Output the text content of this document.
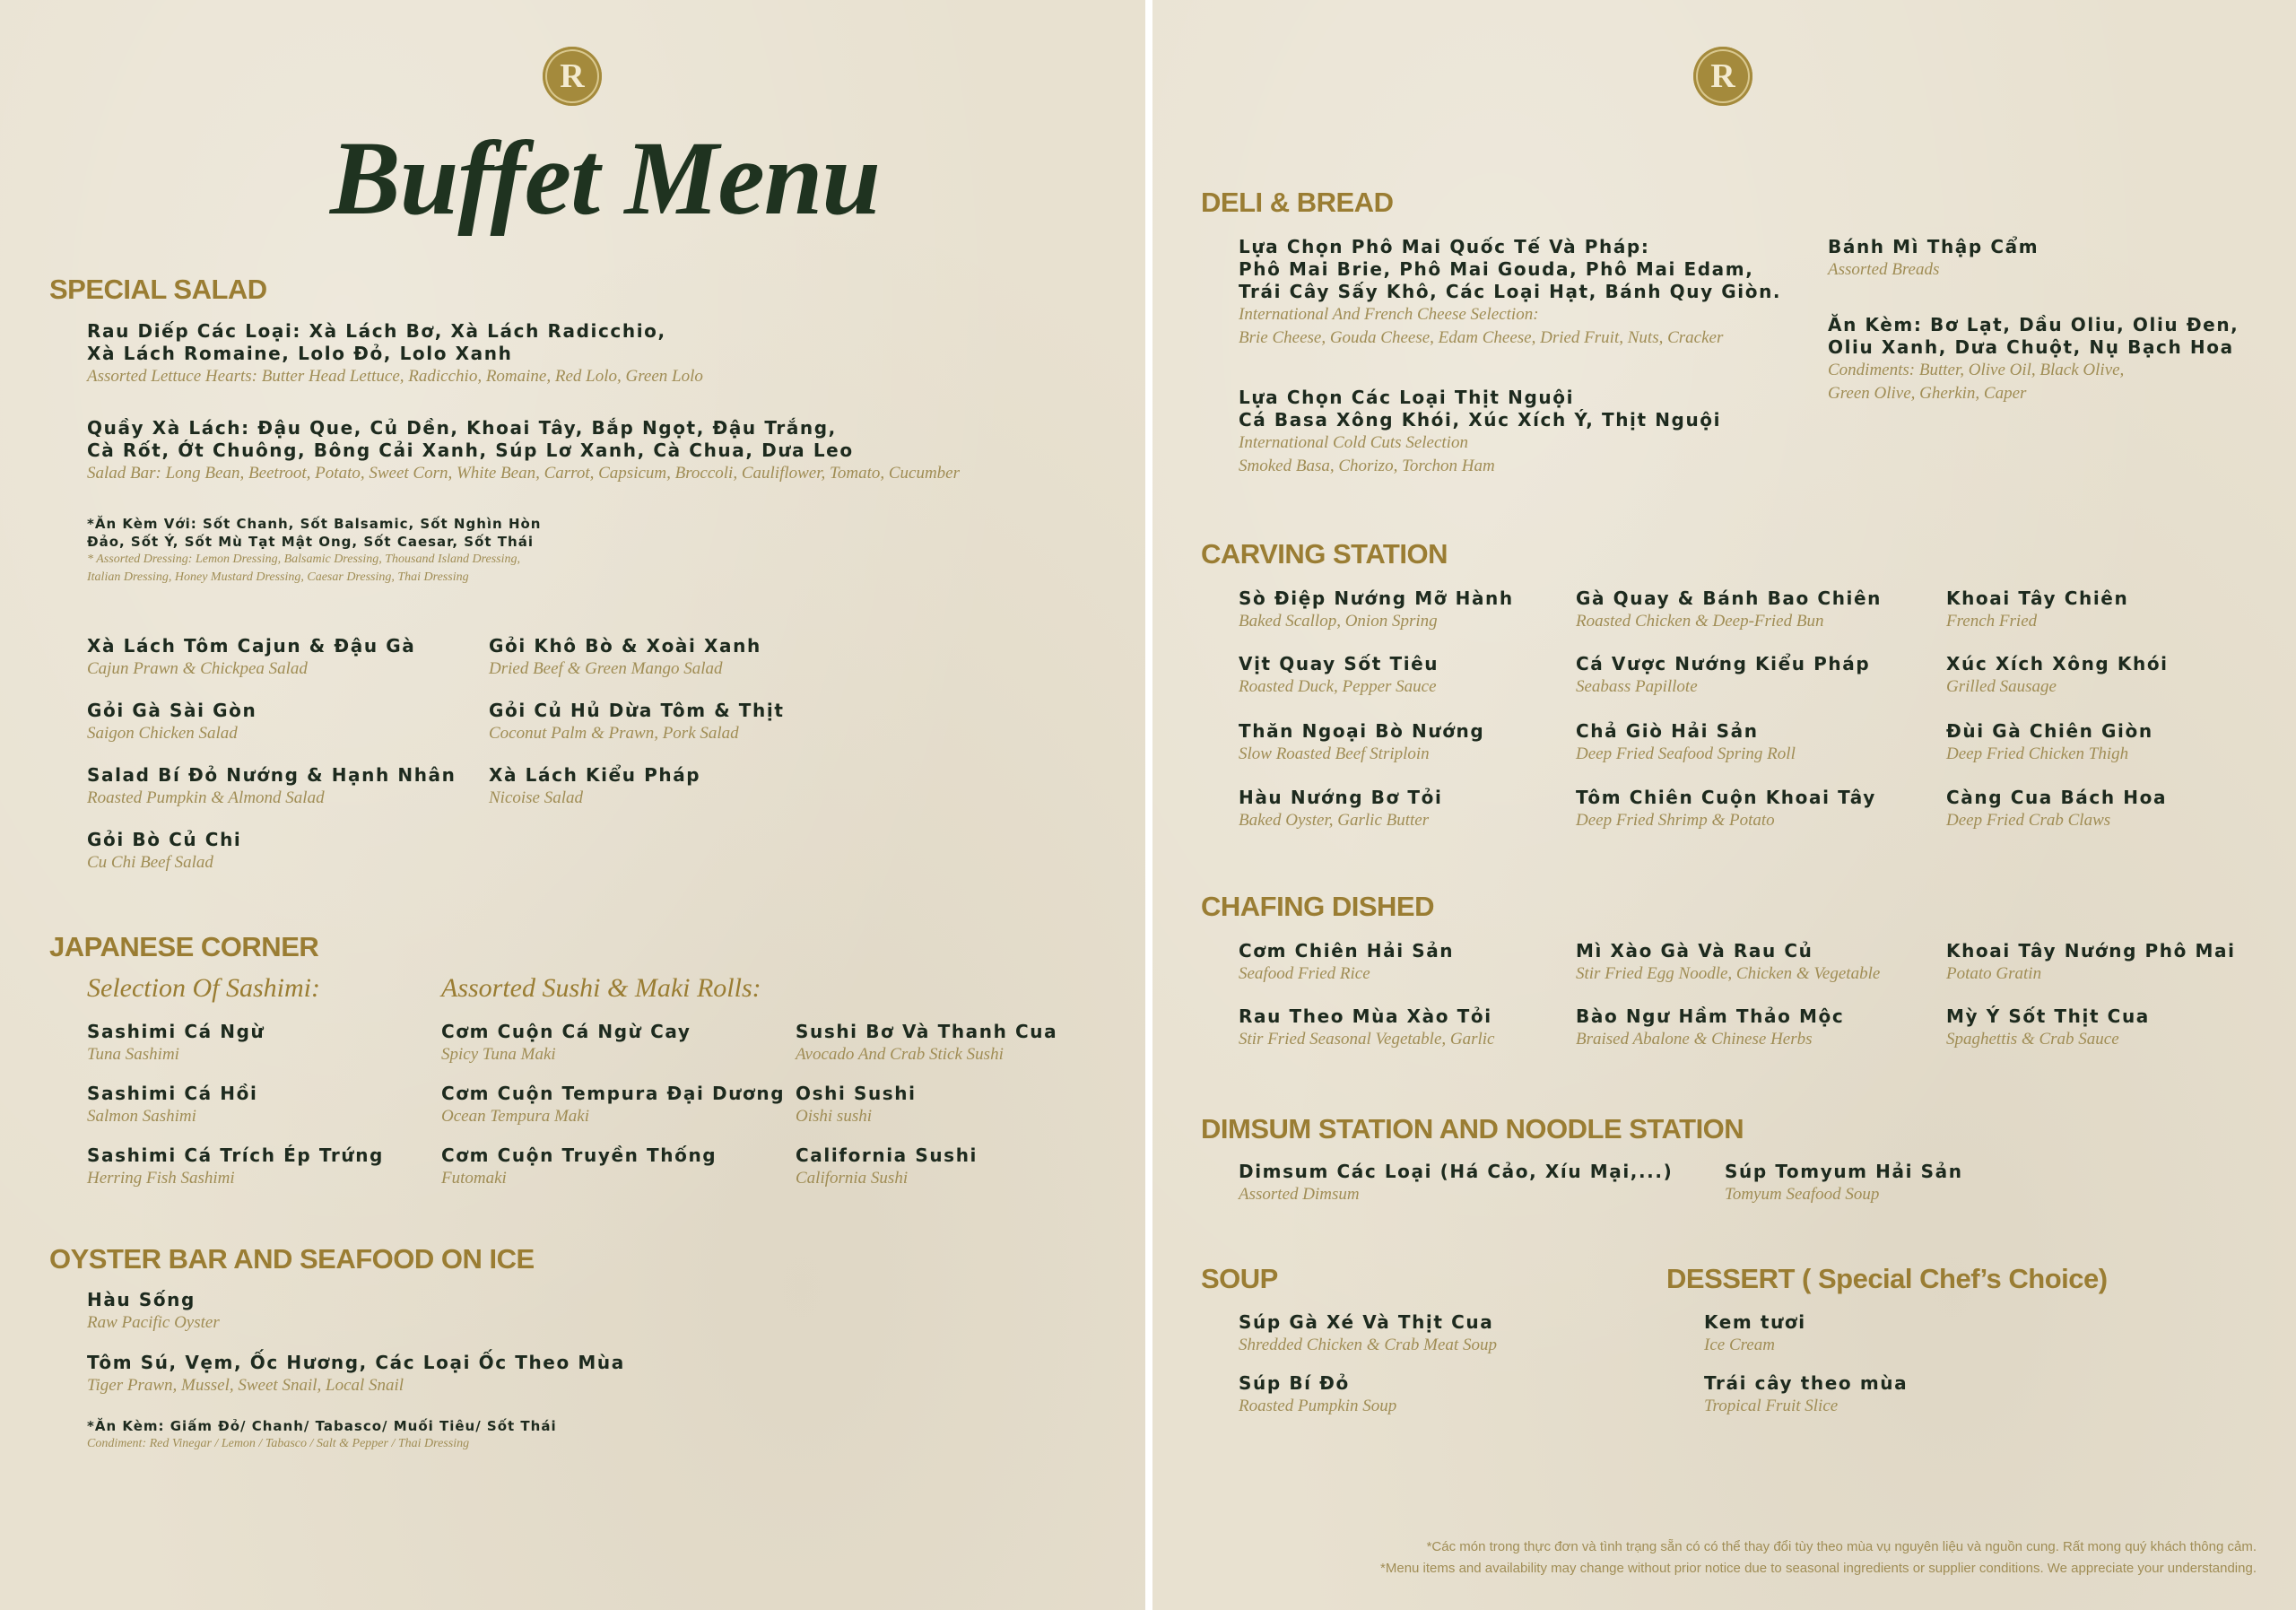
R
Buffet Menu
SPECIAL SALAD
Rau Diếp Các Loại: Xà Lách Bơ, Xà Lách Radicchio,
Xà Lách Romaine, Lolo Đỏ, Lolo Xanh
Assorted Lettuce Hearts: Butter Head Lettuce, Radicchio, Romaine, Red Lolo, Green Lolo
Quầy Xà Lách: Đậu Que, Củ Dền, Khoai Tây, Bắp Ngọt, Đậu Trắng,
Cà Rốt, Ớt Chuông, Bông Cải Xanh, Súp Lơ Xanh, Cà Chua, Dưa Leo
Salad Bar: Long Bean, Beetroot, Potato, Sweet Corn, White Bean, Carrot, Capsicum, Broccoli, Cauliflower, Tomato, Cucumber
*Ăn Kèm Với: Sốt Chanh, Sốt Balsamic, Sốt Nghìn Hòn
Đảo, Sốt Ý, Sốt Mù Tạt Mật Ong, Sốt Caesar, Sốt Thái
* Assorted Dressing: Lemon Dressing, Balsamic Dressing, Thousand Island Dressing,
Italian Dressing, Honey Mustard Dressing, Caesar Dressing, Thai Dressing
Xà Lách Tôm Cajun & Đậu Gà
Cajun Prawn & Chickpea Salad
Gỏi Khô Bò & Xoài Xanh
Dried Beef & Green Mango Salad
Gỏi Gà Sài Gòn
Saigon Chicken Salad
Gỏi Củ Hủ Dừa Tôm & Thịt
Coconut Palm & Prawn, Pork Salad
Salad Bí Đỏ Nướng & Hạnh Nhân
Roasted Pumpkin & Almond Salad
Xà Lách Kiểu Pháp
Nicoise Salad
Gỏi Bò Củ Chi
Cu Chi Beef Salad
JAPANESE CORNER
Selection Of Sashimi:	Assorted Sushi & Maki Rolls:
Sashimi Cá Ngừ
Tuna Sashimi
Cơm Cuộn Cá Ngừ Cay
Spicy Tuna Maki
Sushi Bơ Và Thanh Cua
Avocado And Crab Stick Sushi
Sashimi Cá Hồi
Salmon Sashimi
Cơm Cuộn Tempura Đại Dương
Ocean Tempura Maki
Oshi Sushi
Oishi sushi
Sashimi Cá Trích Ép Trứng
Herring Fish Sashimi
Cơm Cuộn Truyền Thống
Futomaki
California Sushi
California Sushi
OYSTER BAR AND SEAFOOD ON ICE
Hàu Sống
Raw Pacific Oyster
Tôm Sú, Vẹm, Ốc Hương, Các Loại Ốc Theo Mùa
Tiger Prawn, Mussel, Sweet Snail, Local Snail
*Ăn Kèm: Giấm Đỏ/ Chanh/ Tabasco/ Muối Tiêu/ Sốt Thái
Condiment: Red Vinegar / Lemon / Tabasco / Salt & Pepper / Thai Dressing
R
DELI & BREAD
Lựa Chọn Phô Mai Quốc Tế Và Pháp:
Phô Mai Brie, Phô Mai Gouda, Phô Mai Edam,
Trái Cây Sấy Khô, Các Loại Hạt, Bánh Quy Giòn.
International And French Cheese Selection:
Brie Cheese, Gouda Cheese, Edam Cheese, Dried Fruit, Nuts, Cracker
Lựa Chọn Các Loại Thịt Nguội
Cá Basa Xông Khói, Xúc Xích Ý, Thịt Nguội
International Cold Cuts Selection
Smoked Basa, Chorizo, Torchon Ham
Bánh Mì Thập Cẩm
Assorted Breads
Ăn Kèm: Bơ Lạt, Dầu Oliu, Oliu Đen,
Oliu Xanh, Dưa Chuột, Nụ Bạch Hoa
Condiments: Butter, Olive Oil, Black Olive,
Green Olive, Gherkin, Caper
CARVING STATION
Sò Điệp Nướng Mỡ Hành
Baked Scallop, Onion Spring
Gà Quay & Bánh Bao Chiên
Roasted Chicken & Deep-Fried Bun
Khoai Tây Chiên
French Fried
Vịt Quay Sốt Tiêu
Roasted Duck, Pepper Sauce
Cá Vược Nướng Kiểu Pháp
Seabass Papillote
Xúc Xích Xông Khói
Grilled Sausage
Thăn Ngoại Bò Nướng
Slow Roasted Beef Striploin
Chả Giò Hải Sản
Deep Fried Seafood Spring Roll
Đùi Gà Chiên Giòn
Deep Fried Chicken Thigh
Hàu Nướng Bơ Tỏi
Baked Oyster, Garlic Butter
Tôm Chiên Cuộn Khoai Tây
Deep Fried Shrimp & Potato
Càng Cua Bách Hoa
Deep Fried Crab Claws
CHAFING DISHED
Cơm Chiên Hải Sản
Seafood Fried Rice
Mì Xào Gà Và Rau Củ
Stir Fried Egg Noodle, Chicken & Vegetable
Khoai Tây Nướng Phô Mai
Potato Gratin
Rau Theo Mùa Xào Tỏi
Stir Fried Seasonal Vegetable, Garlic
Bào Ngư Hầm Thảo Mộc
Braised Abalone & Chinese Herbs
Mỳ Ý Sốt Thịt Cua
Spaghettis & Crab Sauce
DIMSUM STATION AND NOODLE STATION
Dimsum Các Loại (Há Cảo, Xíu Mại,...)
Assorted Dimsum
Súp Tomyum Hải Sản
Tomyum Seafood Soup
SOUP
Súp Gà Xé Và Thịt Cua
Shredded Chicken & Crab Meat Soup
Súp Bí Đỏ
Roasted Pumpkin Soup
DESSERT ( Special Chef’s Choice)
Kem tươi
Ice Cream
Trái cây theo mùa
Tropical Fruit Slice
*Các món trong thực đơn và tình trạng sẵn có có thể thay đổi tùy theo mùa vụ nguyên liệu và nguồn cung. Rất mong quý khách thông cảm.
*Menu items and availability may change without prior notice due to seasonal ingredients or supplier conditions. We appreciate your understanding.
